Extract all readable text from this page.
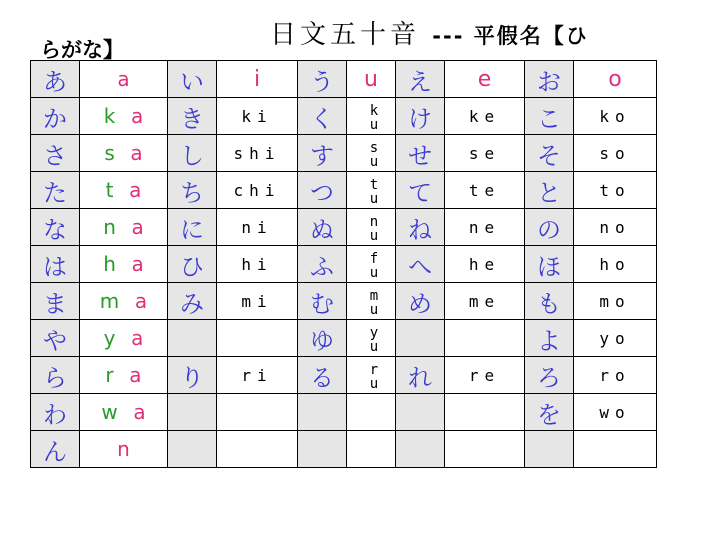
日文五十音 --- 平假名【ひ
らがな】
あ	a	い	i	う	u	え	e	お	o
か	k a	き	ki	く	ku	け	ke	こ	ko
さ	s a	し	shi	す	su	せ	se	そ	so
た	t a	ち	chi	つ	tu	て	te	と	to
な	n a	に	ni	ぬ	nu	ね	ne	の	no
は	h a	ひ	hi	ふ	fu	へ	he	ほ	ho
ま	m a	み	mi	む	mu	め	me	も	mo
や	y a			ゆ	yu			よ	yo
ら	r a	り	ri	る	ru	れ	re	ろ	ro
わ	w a							を	wo
ん	n				
